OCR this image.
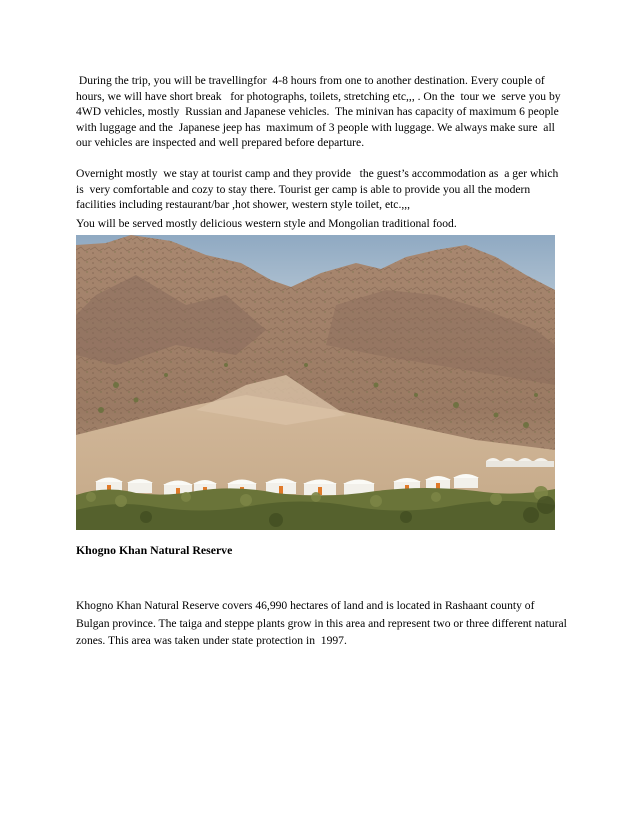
During the trip, you will be travellingfor  4-8 hours from one to another destination. Every couple of hours, we will have short break   for photographs, toilets, stretching etc,,, . On the  tour we  serve you by 4WD vehicles, mostly  Russian and Japanese vehicles.  The minivan has capacity of maximum 6 people with luggage and the  Japanese jeep has  maximum of 3 people with luggage. We always make sure  all our vehicles are inspected and well prepared before departure.

Overnight mostly  we stay at tourist camp and they provide   the guest’s accommodation as  a ger which is  very comfortable and cozy to stay there. Tourist ger camp is able to provide you all the modern facilities including restaurant/bar ,hot shower, western style toilet, etc.,,,

You will be served mostly delicious western style and Mongolian traditional food.

Khogno Khan Natural Reserve

Khogno Khan Natural Reserve covers 46,990 hectares of land and is located in Rashaant county of Bulgan province. The taiga and steppe plants grow in this area and represent two or three different natural zones. This area was taken under state protection in  1997.
